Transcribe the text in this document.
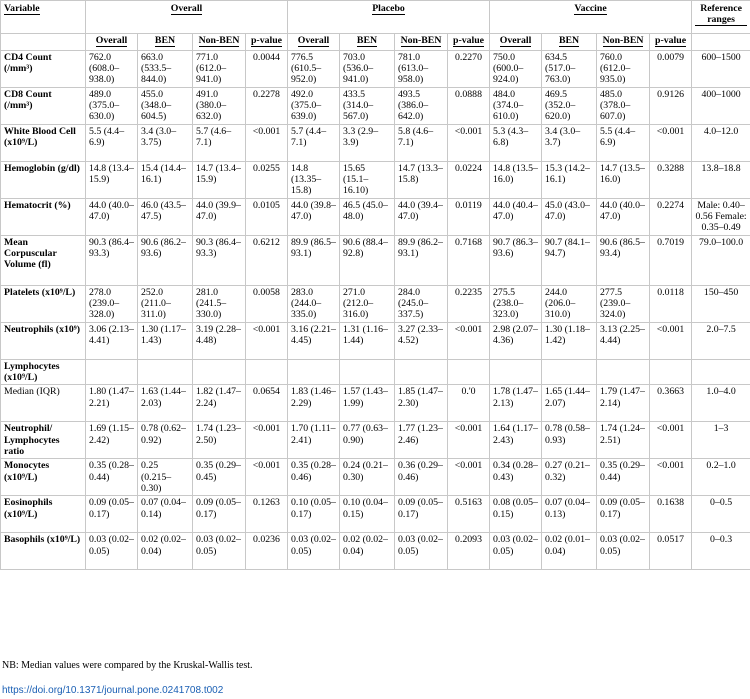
Variable	Overall				Placebo				Vaccine				Reference ranges
	Overall	BEN	Non-BEN	p-value	Overall	BEN	Non-BEN	p-value	Overall	BEN	Non-BEN	p-value	
CD4 Count (/mm³)	762.0 (608.0–938.0)	663.0 (533.5–844.0)	771.0 (612.0–941.0)	0.0044	776.5 (610.5–952.0)	703.0 (536.0–941.0)	781.0 (613.0–958.0)	0.2270	750.0 (600.0–924.0)	634.5 (517.0–763.0)	760.0 (612.0–935.0)	0.0079	600–1500
CD8 Count (/mm³)	489.0 (375.0–630.0)	455.0 (348.0–604.5)	491.0 (380.0–632.0)	0.2278	492.0 (375.0–639.0)	433.5 (314.0–567.0)	493.5 (386.0–642.0)	0.0888	484.0 (374.0–610.0)	469.5 (352.0–620.0)	485.0 (378.0–607.0)	0.9126	400–1000
White Blood Cell (x10⁹/L)	5.5 (4.4–6.9)	3.4 (3.0–3.75)	5.7 (4.6–7.1)	<0.001	5.7 (4.4–7.1)	3.3 (2.9–3.9)	5.8 (4.6–7.1)	<0.001	5.3 (4.3–6.8)	3.4 (3.0–3.7)	5.5 (4.4–6.9)	<0.001	4.0–12.0
Hemoglobin (g/dl)	14.8 (13.4–15.9)	15.4 (14.4–16.1)	14.7 (13.4–15.9)	0.0255	14.8 (13.35–15.8)	15.65 (15.1–16.10)	14.7 (13.3–15.8)	0.0224	14.8 (13.5–16.0)	15.3 (14.2–16.1)	14.7 (13.5–16.0)	0.3288	13.8–18.8
Hematocrit (%)	44.0 (40.0–47.0)	46.0 (43.5–47.5)	44.0 (39.9–47.0)	0.0105	44.0 (39.8–47.0)	46.5 (45.0–48.0)	44.0 (39.4–47.0)	0.0119	44.0 (40.4–47.0)	45.0 (43.0–47.0)	44.0 (40.0–47.0)	0.2274	Male: 0.40–0.56 Female: 0.35–0.49
Mean Corpuscular Volume (fl)	90.3 (86.4–93.3)	90.6 (86.2–93.6)	90.3 (86.4–93.3)	0.6212	89.9 (86.5–93.1)	90.6 (88.4–92.8)	89.9 (86.2–93.1)	0.7168	90.7 (86.3–93.6)	90.7 (84.1–94.7)	90.6 (86.5–93.4)	0.7019	79.0–100.0
Platelets (x10⁹/L)	278.0 (239.0–328.0)	252.0 (211.0–311.0)	281.0 (241.5–330.0)	0.0058	283.0 (244.0–335.0)	271.0 (212.0–316.0)	284.0 (245.0–337.5)	0.2235	275.5 (238.0–323.0)	244.0 (206.0–310.0)	277.5 (239.0–324.0)	0.0118	150–450
Neutrophils (x10⁹)	3.06 (2.13–4.41)	1.30 (1.17–1.43)	3.19 (2.28–4.48)	<0.001	3.16 (2.21–4.45)	1.31 (1.16–1.44)	3.27 (2.33–4.52)	<0.001	2.98 (2.07–4.36)	1.30 (1.18–1.42)	3.13 (2.25–4.44)	<0.001	2.0–7.5
Lymphocytes (x10⁹/L)													
Median (IQR)	1.80 (1.47–2.21)	1.63 (1.44–2.03)	1.82 (1.47–2.24)	0.0654	1.83 (1.46–2.29)	1.57 (1.43–1.99)	1.85 (1.47–2.30)	0.'0	1.78 (1.47–2.13)	1.65 (1.44–2.07)	1.79 (1.47–2.14)	0.3663	1.0–4.0
Neutrophil/ Lymphocytes ratio	1.69 (1.15–2.42)	0.78 (0.62–0.92)	1.74 (1.23–2.50)	<0.001	1.70 (1.11–2.41)	0.77 (0.63–0.90)	1.77 (1.23–2.46)	<0.001	1.64 (1.17–2.43)	0.78 (0.58–0.93)	1.74 (1.24–2.51)	<0.001	1–3
Monocytes (x10⁹/L)	0.35 (0.28–0.44)	0.25 (0.215–0.30)	0.35 (0.29–0.45)	<0.001	0.35 (0.28–0.46)	0.24 (0.21–0.30)	0.36 (0.29–0.46)	<0.001	0.34 (0.28–0.43)	0.27 (0.21–0.32)	0.35 (0.29–0.44)	<0.001	0.2–1.0
Eosinophils (x10⁹/L)	0.09 (0.05–0.17)	0.07 (0.04–0.14)	0.09 (0.05–0.17)	0.1263	0.10 (0.05–0.17)	0.10 (0.04–0.15)	0.09 (0.05–0.17)	0.5163	0.08 (0.05–0.15)	0.07 (0.04–0.13)	0.09 (0.05–0.17)	0.1638	0–0.5
Basophils (x10⁹/L)	0.03 (0.02–0.05)	0.02 (0.02–0.04)	0.03 (0.02–0.05)	0.0236	0.03 (0.02–0.05)	0.02 (0.02–0.04)	0.03 (0.02–0.05)	0.2093	0.03 (0.02–0.05)	0.02 (0.01–0.04)	0.03 (0.02–0.05)	0.0517	0–0.3
NB: Median values were compared by the Kruskal-Wallis test.
https://doi.org/10.1371/journal.pone.0241708.t002
